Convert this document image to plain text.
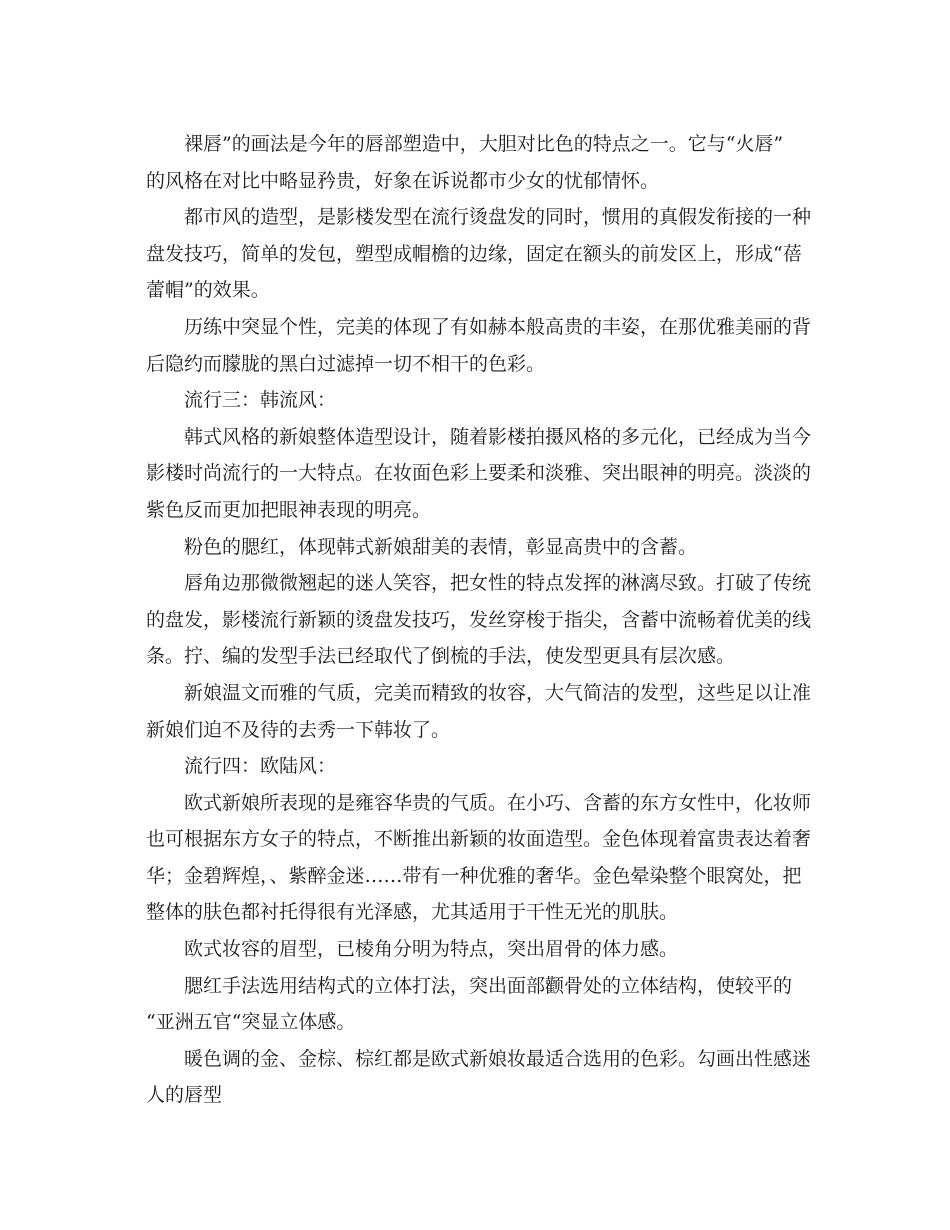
裸唇”的画法是今年的唇部塑造中，大胆对比色的特点之一。它与“火唇”
的风格在对比中略显矜贵，好象在诉说都市少女的忧郁情怀。
都市风的造型，是影楼发型在流行烫盘发的同时，惯用的真假发衔接的一种
盘发技巧，简单的发包，塑型成帽檐的边缘，固定在额头的前发区上，形成“蓓
蕾帽”的效果。
历练中突显个性，完美的体现了有如赫本般高贵的丰姿，在那优雅美丽的背
后隐约而朦胧的黑白过滤掉一切不相干的色彩。
流行三：韩流风：
韩式风格的新娘整体造型设计，随着影楼拍摄风格的多元化，已经成为当今
影楼时尚流行的一大特点。在妆面色彩上要柔和淡雅、突出眼神的明亮。淡淡的
紫色反而更加把眼神表现的明亮。
粉色的腮红，体现韩式新娘甜美的表情，彰显高贵中的含蓄。
唇角边那微微翘起的迷人笑容，把女性的特点发挥的淋漓尽致。打破了传统
的盘发，影楼流行新颖的烫盘发技巧，发丝穿梭于指尖，含蓄中流畅着优美的线
条。拧、编的发型手法已经取代了倒梳的手法，使发型更具有层次感。
新娘温文而雅的气质，完美而精致的妆容，大气简洁的发型，这些足以让准
新娘们迫不及待的去秀一下韩妆了。
流行四：欧陆风：
欧式新娘所表现的是雍容华贵的气质。在小巧、含蓄的东方女性中，化妆师
也可根据东方女子的特点，不断推出新颖的妆面造型。金色体现着富贵表达着奢
华；金碧辉煌，、紫醉金迷……带有一种优雅的奢华。金色晕染整个眼窝处，把
整体的肤色都衬托得很有光泽感，尤其适用于干性无光的肌肤。
欧式妆容的眉型，已棱角分明为特点，突出眉骨的体力感。
腮红手法选用结构式的立体打法，突出面部颧骨处的立体结构，使较平的
“亚洲五官“突显立体感。
暖色调的金、金棕、棕红都是欧式新娘妆最适合选用的色彩。勾画出性感迷
人的唇型
